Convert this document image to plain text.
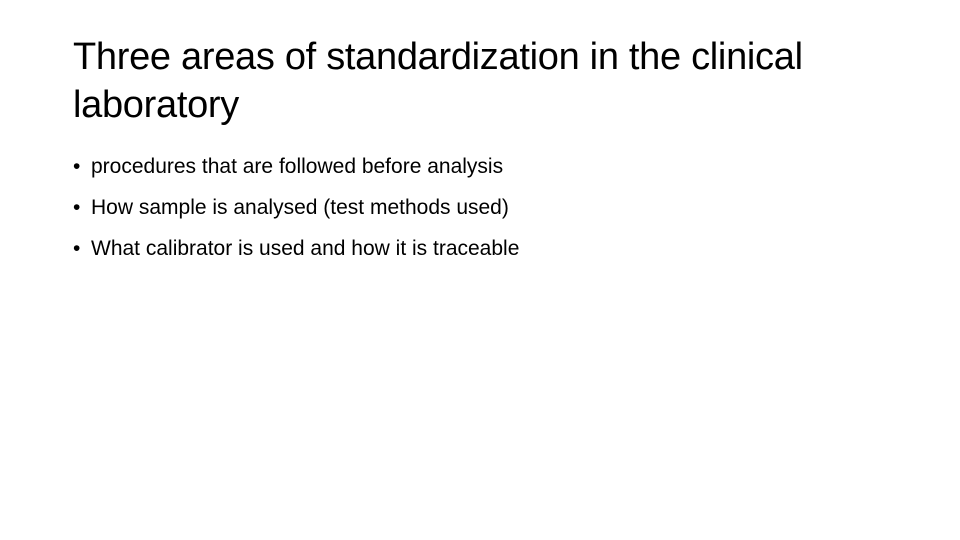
Three areas of standardization in the clinical laboratory
• procedures that are followed before analysis
• How sample is analysed (test methods used)
• What calibrator is used and how it is traceable
